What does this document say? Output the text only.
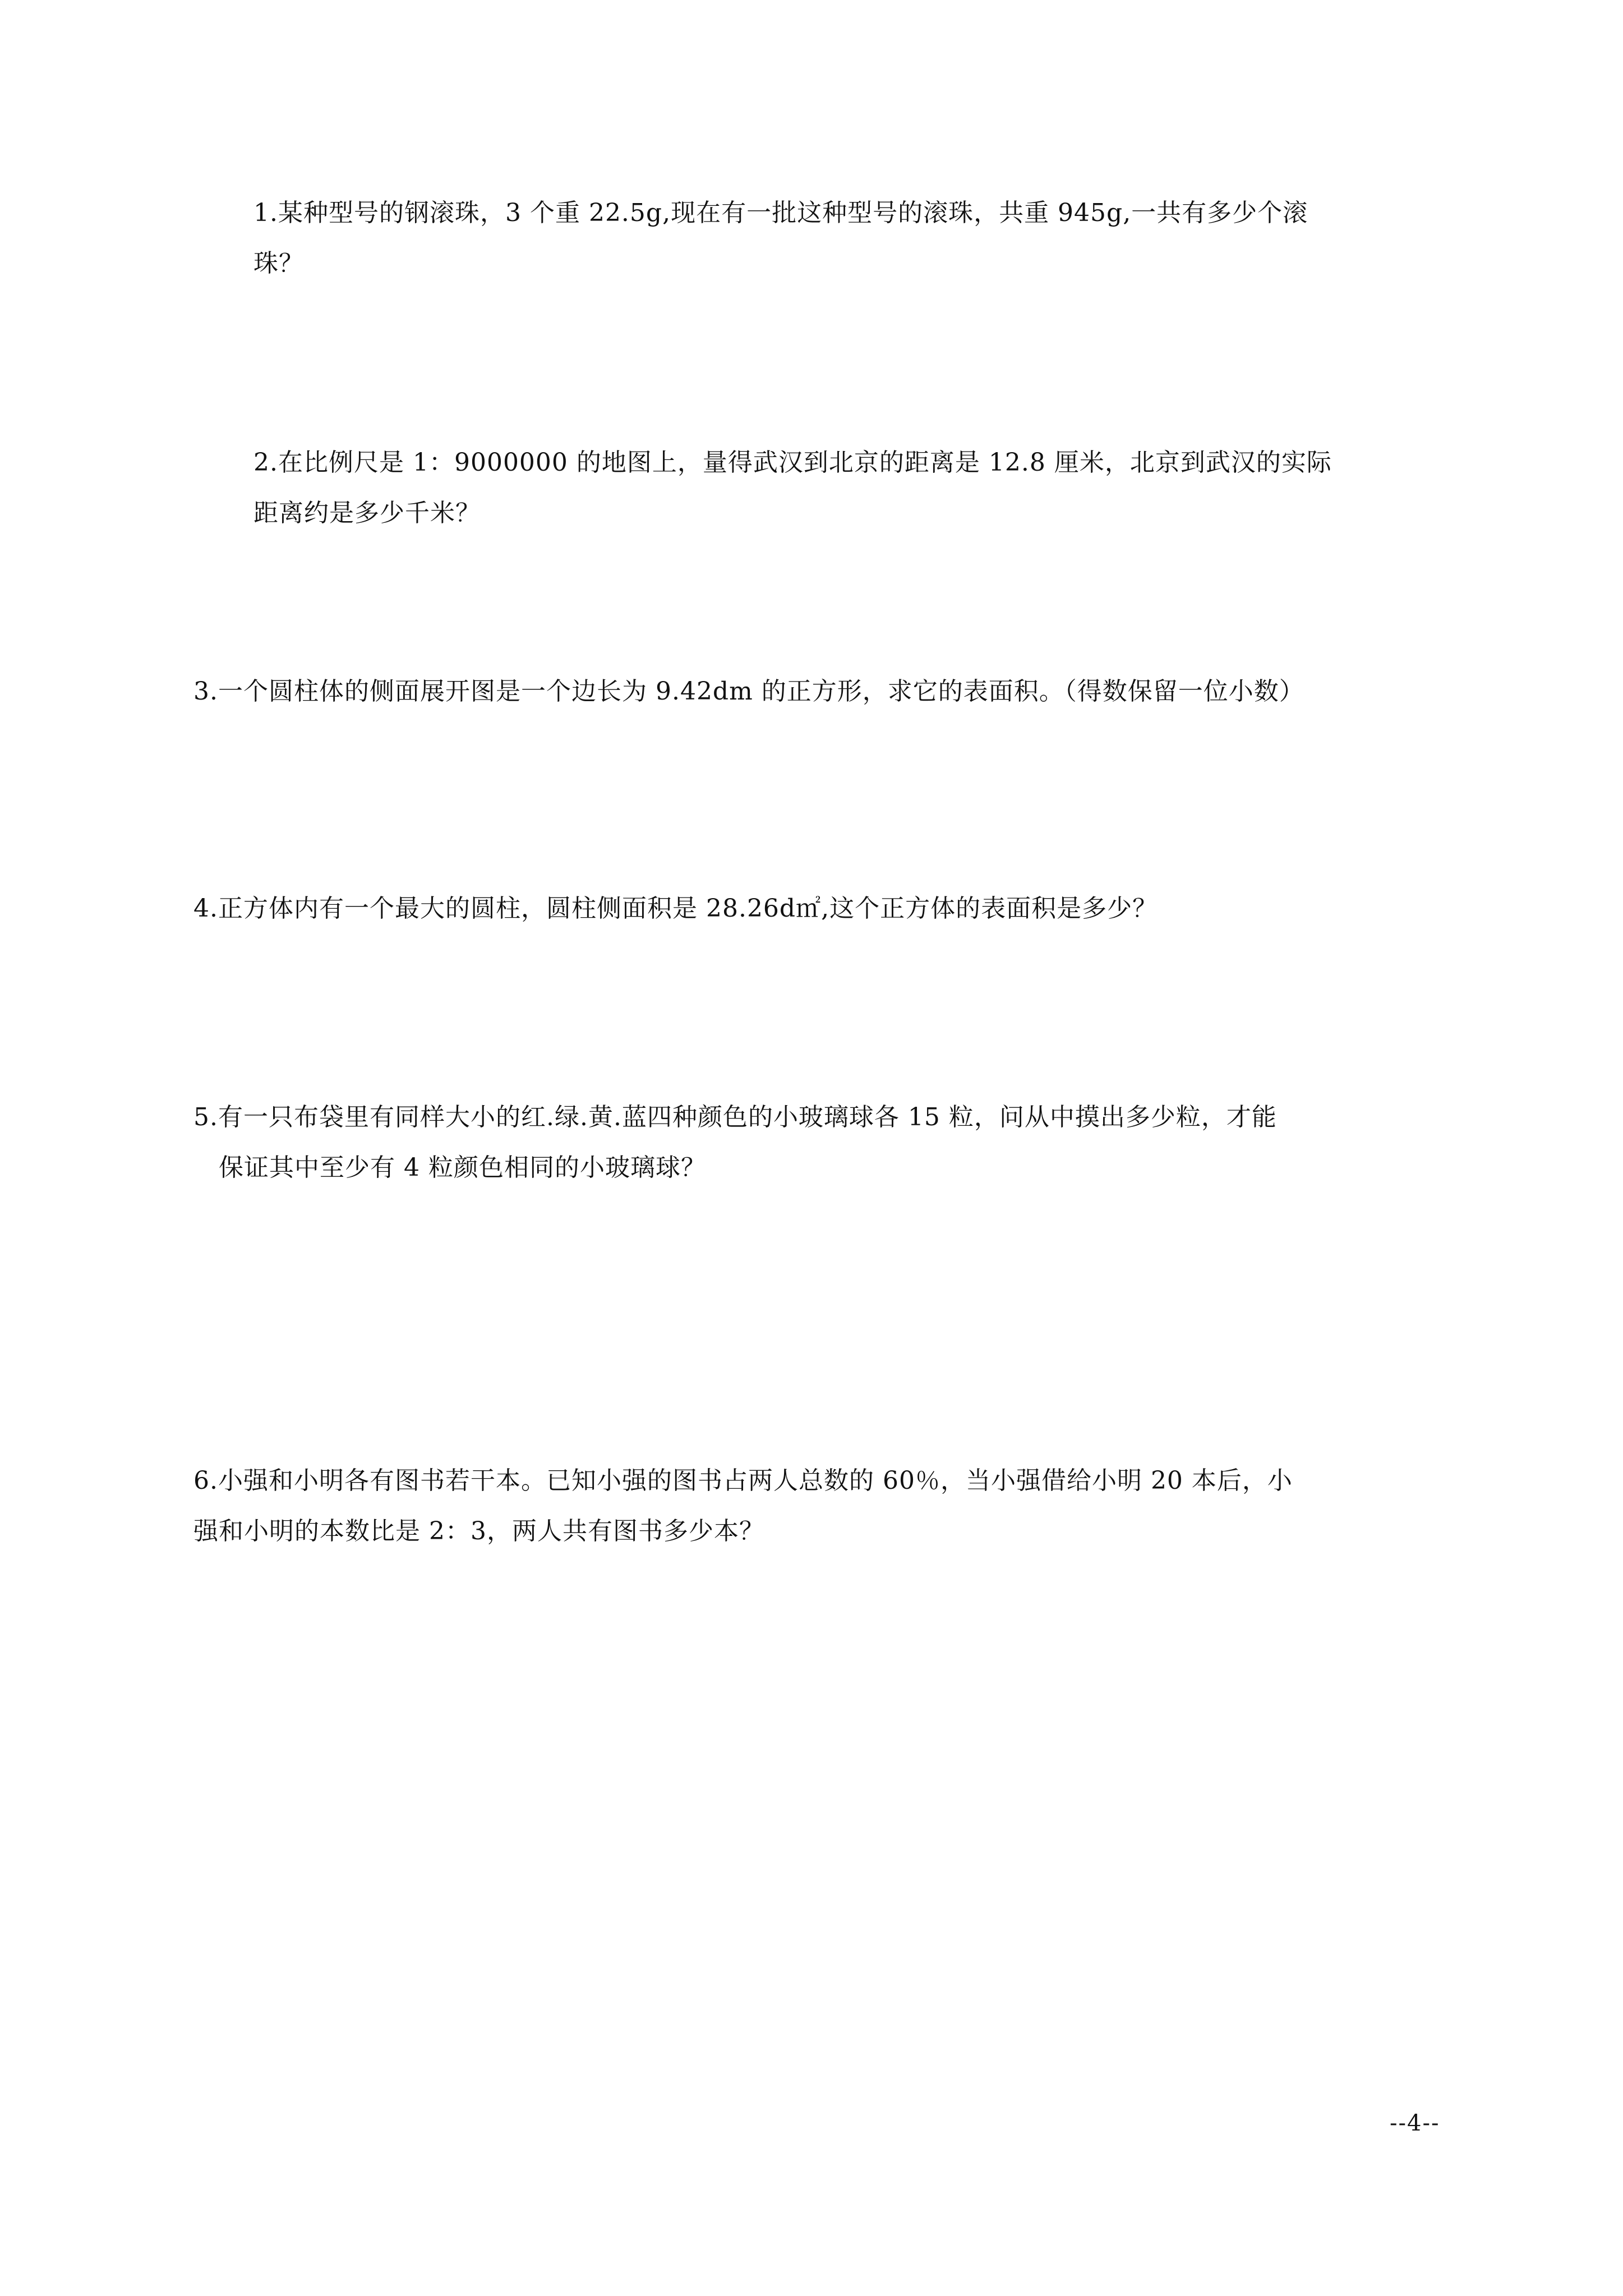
1.某种型号的钢滚珠，3 个重 22.5g,现在有一批这种型号的滚珠，共重 945g,一共有多少个滚
珠？
2.在比例尺是 1：9000000 的地图上，量得武汉到北京的距离是 12.8 厘米，北京到武汉的实际
距离约是多少千米？
3.一个圆柱体的侧面展开图是一个边长为 9.42dm 的正方形，求它的表面积。（得数保留一位小数）
4.正方体内有一个最大的圆柱，圆柱侧面积是 28.26d㎡,这个正方体的表面积是多少？
5.有一只布袋里有同样大小的红.绿.黄.蓝四种颜色的小玻璃球各 15 粒，问从中摸出多少粒，才能
保证其中至少有 4 粒颜色相同的小玻璃球？
6.小强和小明各有图书若干本。已知小强的图书占两人总数的 60％，当小强借给小明 20 本后，小
强和小明的本数比是 2：3，两人共有图书多少本？
--4--
